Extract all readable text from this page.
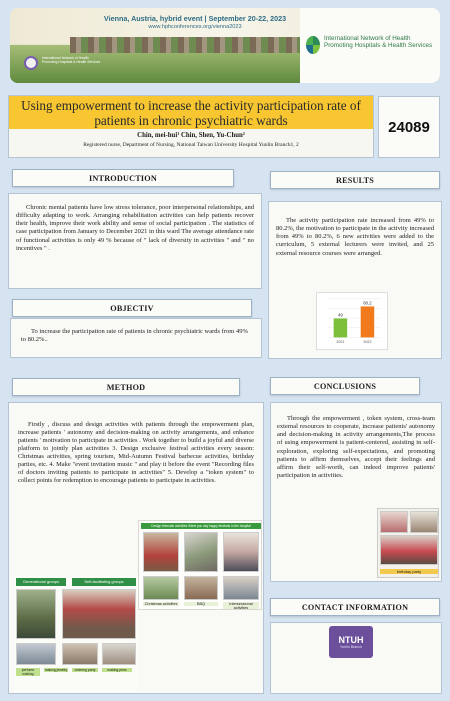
Vienna, Austria, hybrid event | September 20-22, 2023
www.hphconferences.org/vienna2023
International Network of Health Promoting Hospitals & Health Services
International Network of Health Promoting Hospitals & Health Services
Using empowerment to increase the activity participation rate of patients in chronic psychiatric wards
Chin, mei-hui¹ Chin, Shen, Yu-Chun²
Registered nurse, Department of Nursing, National Taiwan University Hospital Yunlin Branch1, 2
24089
INTRODUCTION

Chronic mental patients have low stress tolerance, poor interpersonal relationships, and difficulty adapting to work. Arranging rehabilitation activities can help patients recover their health, improve their work ability and sense of social participation . The statistics of case participation from January to December 2021 in this ward The average attendance rate of functional activities is only 49 % because of " lack of diversity in activities " and " no incentives " .

OBJECTIV

To increase the participation rate of patients in chronic psychiatric wards from 49% to 80.2%..

METHOD

Firstly , discuss and design activities with patients through the empowerment plan, increase patients ' autonomy and decision-making on activity arrangements, and enhance patients ' motivation to participate in activities . Work together to build a joyful and diverse platform to jointly plan activities 3. Design exclusive festival activities every season: Christmas activities, spring tourism, Mid-Autumn Festival barbecue activities, birthday parties, etc. 4. Make "event invitation music " and play it before the event "Recording files of doctors inviting patients to participate in activities" 5. Develop a "token system" to collect points for redemption to encourage patients to participate in activities.

Design thematic activities /Meet you day happy festivals in the hospital
Christmas activities	BBQ	Intersessional activities
Generational groups	Self-facilitating groups
perfume making
making jewelry	ordering party	making pens
RESULTS

The activity participation rate increased from 49% to 80.2%, the motivation to participate in the activity increased from 49% to 80.2%, 6 new activities were added to the curriculum, 5 external lecturers were invited, and 25 external resource courses were arranged.

49
2021
80.2
2022
CONCLUSIONS

Through the empowerment , token system, cross-team external resources to cooperate, increase patients' autonomy and decision-making in activity arrangements,The process of using empowerment is patient-centered, assisting in self-exploration, exploring self-expectations, and promoting patients to affirm themselves, accept their feelings and affirm their self-worth, can indeed improve patients' participation in activities.

birthday party
CONTACT INFORMATION
NTUH
Yunlin Branch
